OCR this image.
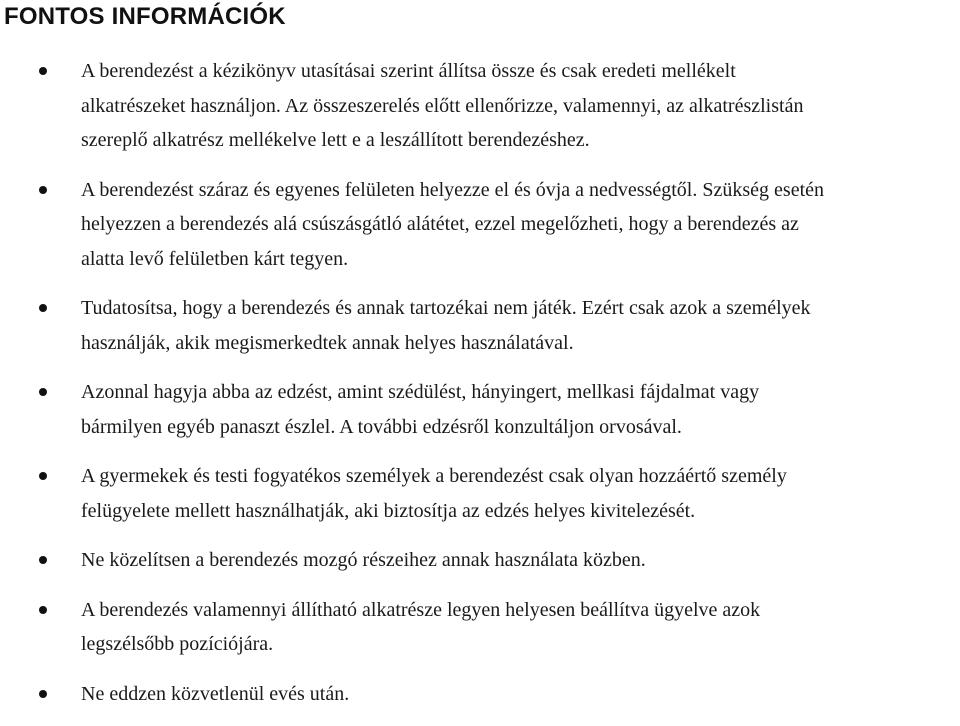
FONTOS INFORMÁCIÓK
A berendezést a kézikönyv utasításai szerint állítsa össze és csak eredeti mellékelt
alkatrészeket használjon. Az összeszerelés előtt ellenőrizze, valamennyi, az alkatrészlistán
szereplő alkatrész mellékelve lett e a leszállított berendezéshez.
A berendezést száraz és egyenes felületen helyezze el és óvja a nedvességtől. Szükség esetén
helyezzen a berendezés alá csúszásgátló alátétet, ezzel megelőzheti, hogy a berendezés az
alatta levő felületben kárt tegyen.
Tudatosítsa, hogy a berendezés és annak tartozékai nem játék. Ezért csak azok a személyek
használják, akik megismerkedtek annak helyes használatával.
Azonnal hagyja abba az edzést, amint szédülést, hányingert, mellkasi fájdalmat vagy
bármilyen egyéb panaszt észlel. A további edzésről konzultáljon orvosával.
A gyermekek és testi fogyatékos személyek a berendezést csak olyan hozzáértő személy
felügyelete mellett használhatják, aki biztosítja az edzés helyes kivitelezését.
Ne közelítsen a berendezés mozgó részeihez annak használata közben.
A berendezés valamennyi állítható alkatrésze legyen helyesen beállítva ügyelve azok
legszélsőbb pozíciójára.
Ne eddzen közvetlenül evés után.
